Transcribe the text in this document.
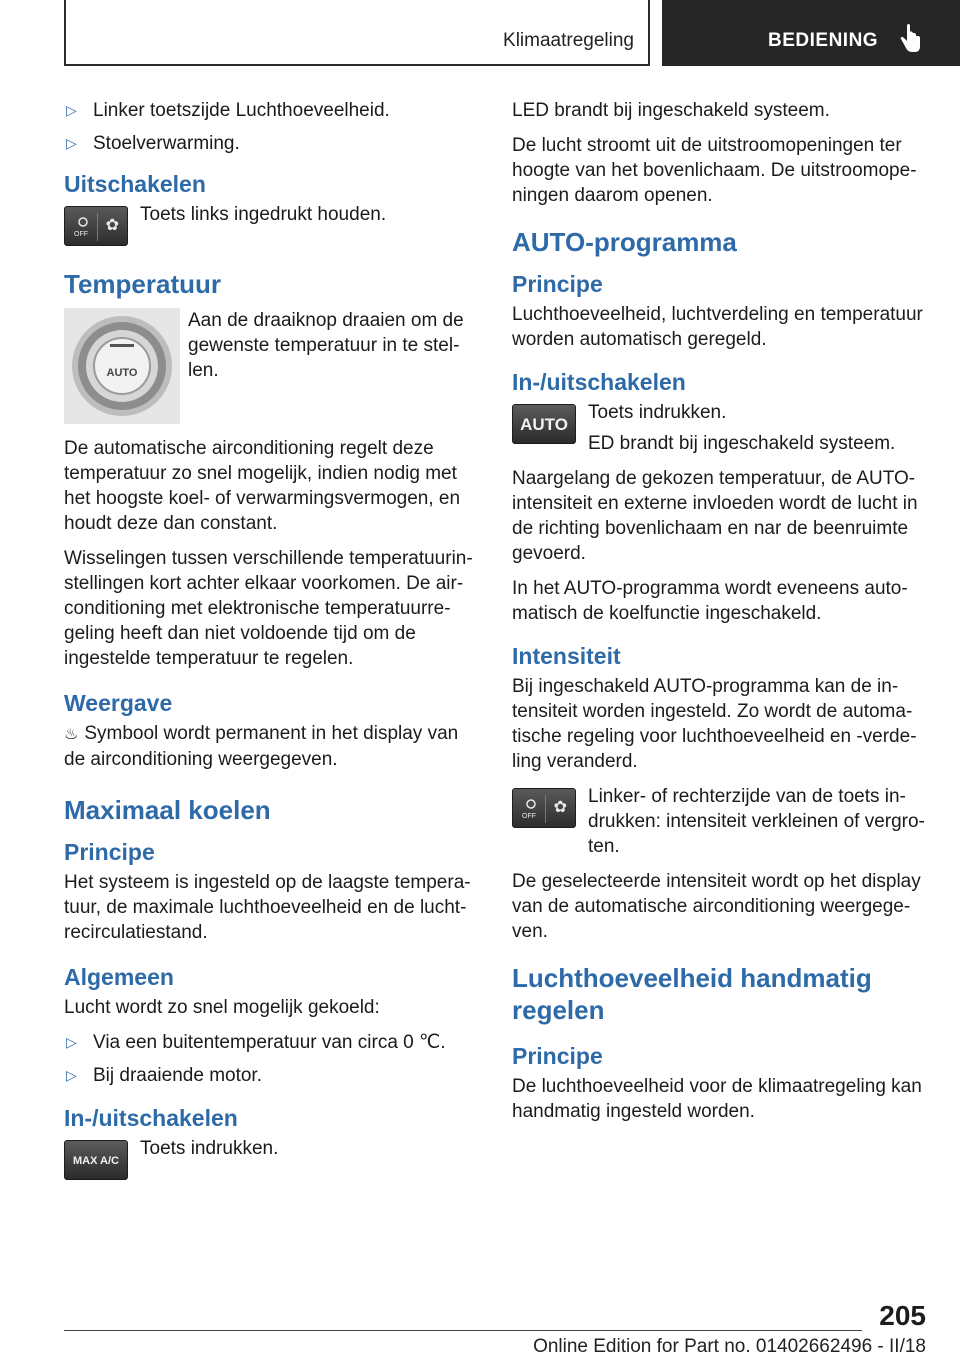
Klimaatregeling	BEDIENING
▷ Linker toetszijde Luchthoeveelheid.
▷ Stoelverwarming.
Uitschakelen
OFF
✿
Toets links ingedrukt houden.
Temperatuur
AUTO
Aan de draaiknop draaien om de gewenste temperatuur in te stel‐len.

De automatische airconditioning regelt deze temperatuur zo snel mogelijk, indien nodig met het hoogste koel- of verwarmingsvermogen, en houdt deze dan constant.

Wisselingen tussen verschillende temperatuurin‐stellingen kort achter elkaar voorkomen. De air‐conditioning met elektronische temperatuurre‐geling heeft dan niet voldoende tijd om de ingestelde temperatuur te regelen.

Weergave

♨ Symbool wordt permanent in het display van de airconditioning weergegeven.

Maximaal koelen
Principe

Het systeem is ingesteld op de laagste tempera‐tuur, de maximale luchthoeveelheid en de lucht‐recirculatiestand.

Algemeen

Lucht wordt zo snel mogelijk gekoeld:

▷ Via een buitentemperatuur van circa 0 ℃.
▷ Bij draaiende motor.
In-/uitschakelen
MAX A/C
Toets indrukken.

LED brandt bij ingeschakeld systeem.

De lucht stroomt uit de uitstroomopeningen ter hoogte van het bovenlichaam. De uitstroomope‐ningen daarom openen.

AUTO-programma
Principe

Luchthoeveelheid, luchtverdeling en temperatuur worden automatisch geregeld.

In-/uitschakelen
AUTO
Toets indrukken.
ED brandt bij ingeschakeld systeem.

Naargelang de gekozen temperatuur, de AUTO-intensiteit en externe invloeden wordt de lucht in de richting bovenlichaam en nar de beenruimte gevoerd.

In het AUTO-programma wordt eveneens auto‐matisch de koelfunctie ingeschakeld.

Intensiteit

Bij ingeschakeld AUTO-programma kan de in‐tensiteit worden ingesteld. Zo wordt de automa‐tische regeling voor luchthoeveelheid en -verde‐ling veranderd.

OFF
✿
Linker- of rechterzijde van de toets in‐drukken: intensiteit verkleinen of vergro‐ten.

De geselecteerde intensiteit wordt op het display van de automatische airconditioning weergege‐ven.

Luchthoeveelheid handmatig regelen
Principe

De luchthoeveelheid voor de klimaatregeling kan handmatig ingesteld worden.

205
Online Edition for Part no. 01402662496 - II/18
